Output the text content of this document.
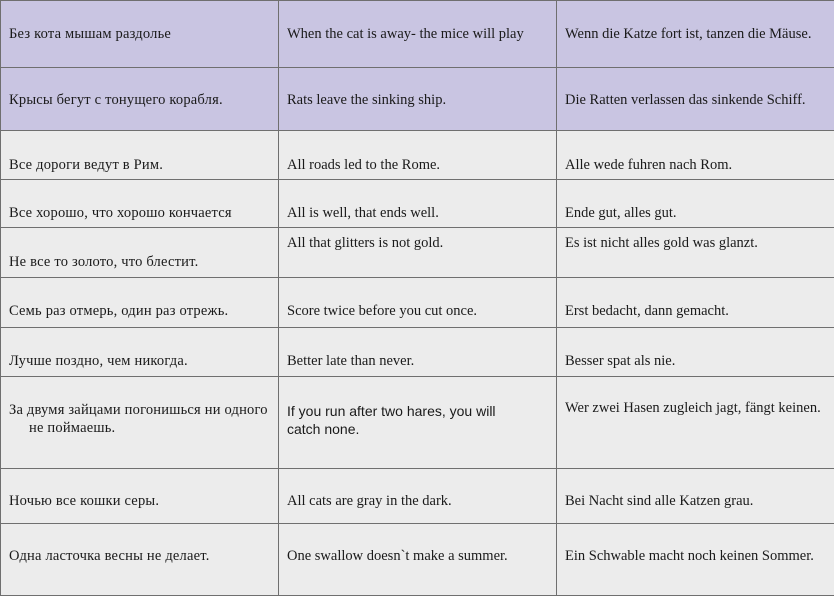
Без кота мышам раздолье	When the cat is away- the mice will play	Wenn die Katze fort ist, tanzen die Mäuse.

Крысы бегут с тонущего корабля.	Rats leave the sinking ship.	Die Ratten verlassen das sinkende Schiff.

Все дороги ведут в Рим.	All roads led to the Rome.	Alle wede fuhren nach Rom.

Все хорошо, что хорошо кончается	All is well, that ends well.	Ende gut, alles gut.

Не все то золото, что блестит.	All that glitters is not gold.	Es ist nicht alles gold was glanzt.

Семь раз отмерь, один раз отрежь.	Score twice before you cut once.	Erst bedacht, dann gemacht.

Лучше поздно, чем никогда.	Better late than never.	Besser spat als nie.

За двумя зайцами погонишься ни одного не поймаешь.	If you run after two hares, you will catch none.	Wer zwei Hasen zugleich jagt, fängt keinen.

Ночью все кошки серы.	All cats are gray in the dark.	Bei Nacht sind alle Katzen grau.

Одна ласточка весны не делает.	One swallow doesn`t make a summer.	Ein Schwable macht noch keinen Sommer.
